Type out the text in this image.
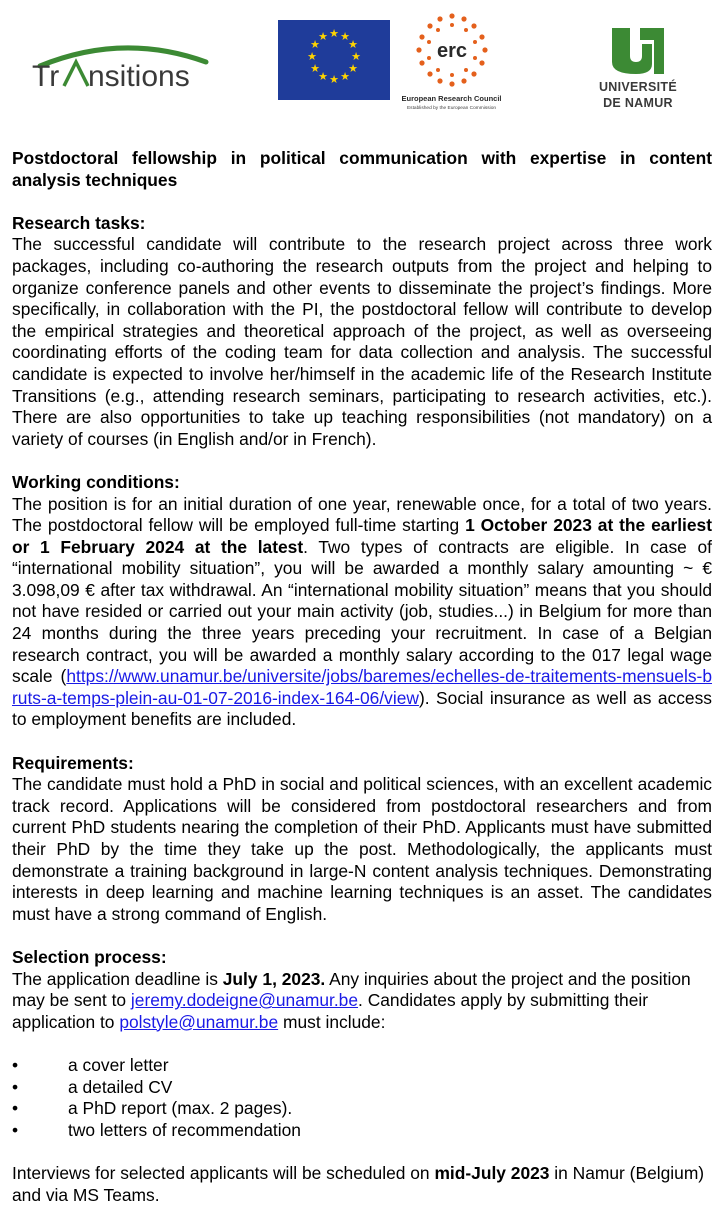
Tr nsitions
★ ★
★
★
★
★
★
★
★
★
★
★
erc
European Research Council
Established by the European Commission
UNIVERSITÉ
DE NAMUR

Postdoctoral fellowship in political communication with expertise in content analysis techniques

Research tasks:

The successful candidate will contribute to the research project across three work packages, including co-authoring the research outputs from the project and helping to organize conference panels and other events to disseminate the project’s findings. More specifically, in collaboration with the PI, the postdoctoral fellow will contribute to develop the empirical strategies and theoretical approach of the project, as well as overseeing coordinating efforts of the coding team for data collection and analysis. The successful candidate is expected to involve her/himself in the academic life of the Research Institute Transitions (e.g., attending research seminars, participating to research activities, etc.). There are also opportunities to take up teaching responsibilities (not mandatory) on a variety of courses (in English and/or in French).

Working conditions:

The position is for an initial duration of one year, renewable once, for a total of two years. The postdoctoral fellow will be employed full-time starting 1 October 2023 at the earliest or 1 February 2024 at the latest. Two types of contracts are eligible. In case of “international mobility situation”, you will be awarded a monthly salary amounting ~ € 3.098,09 € after tax withdrawal. An “international mobility situation” means that you should not have resided or carried out your main activity (job, studies...) in Belgium for more than 24 months during the three years preceding your recruitment. In case of a Belgian research contract, you will be awarded a monthly salary according to the 017 legal wage scale (https://www.unamur.be/universite/jobs/baremes/echelles-de-traitements-mensuels-bruts-a-temps-plein-au-01-07-2016-index-164-06/view). Social insurance as well as access to employment benefits are included.

Requirements:

The candidate must hold a PhD in social and political sciences, with an excellent academic track record. Applications will be considered from postdoctoral researchers and from current PhD students nearing the completion of their PhD. Applicants must have submitted their PhD by the time they take up the post. Methodologically, the applicants must demonstrate a training background in large-N content analysis techniques. Demonstrating interests in deep learning and machine learning techniques is an asset. The candidates must have a strong command of English.

Selection process:

The application deadline is July 1, 2023. Any inquiries about the project and the position may be sent to jeremy.dodeigne@unamur.be. Candidates apply by submitting their application to polstyle@unamur.be must include:

•	a cover letter
•	a detailed CV
•	a PhD report (max. 2 pages).
•	two letters of recommendation

Interviews for selected applicants will be scheduled on mid-July 2023 in Namur (Belgium) and via MS Teams.
